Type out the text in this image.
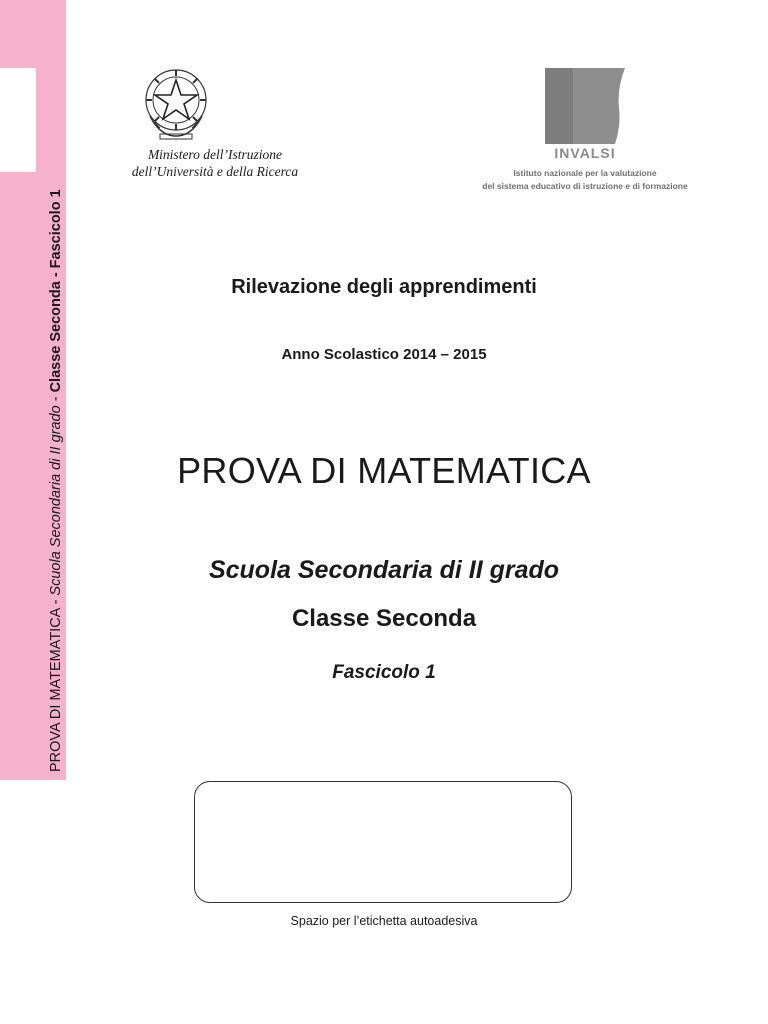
PROVA DI MATEMATICA - Scuola Secondaria di II grado - Classe Seconda - Fascicolo 1
Ministero dell’Istruzione
dell’Università e della Ricerca
INVALSI
Istituto nazionale per la valutazione
del sistema educativo di istruzione e di formazione
Rilevazione degli apprendimenti
Anno Scolastico 2014 – 2015
PROVA DI MATEMATICA
Scuola Secondaria di II grado
Classe Seconda
Fascicolo 1
Spazio per l’etichetta autoadesiva
